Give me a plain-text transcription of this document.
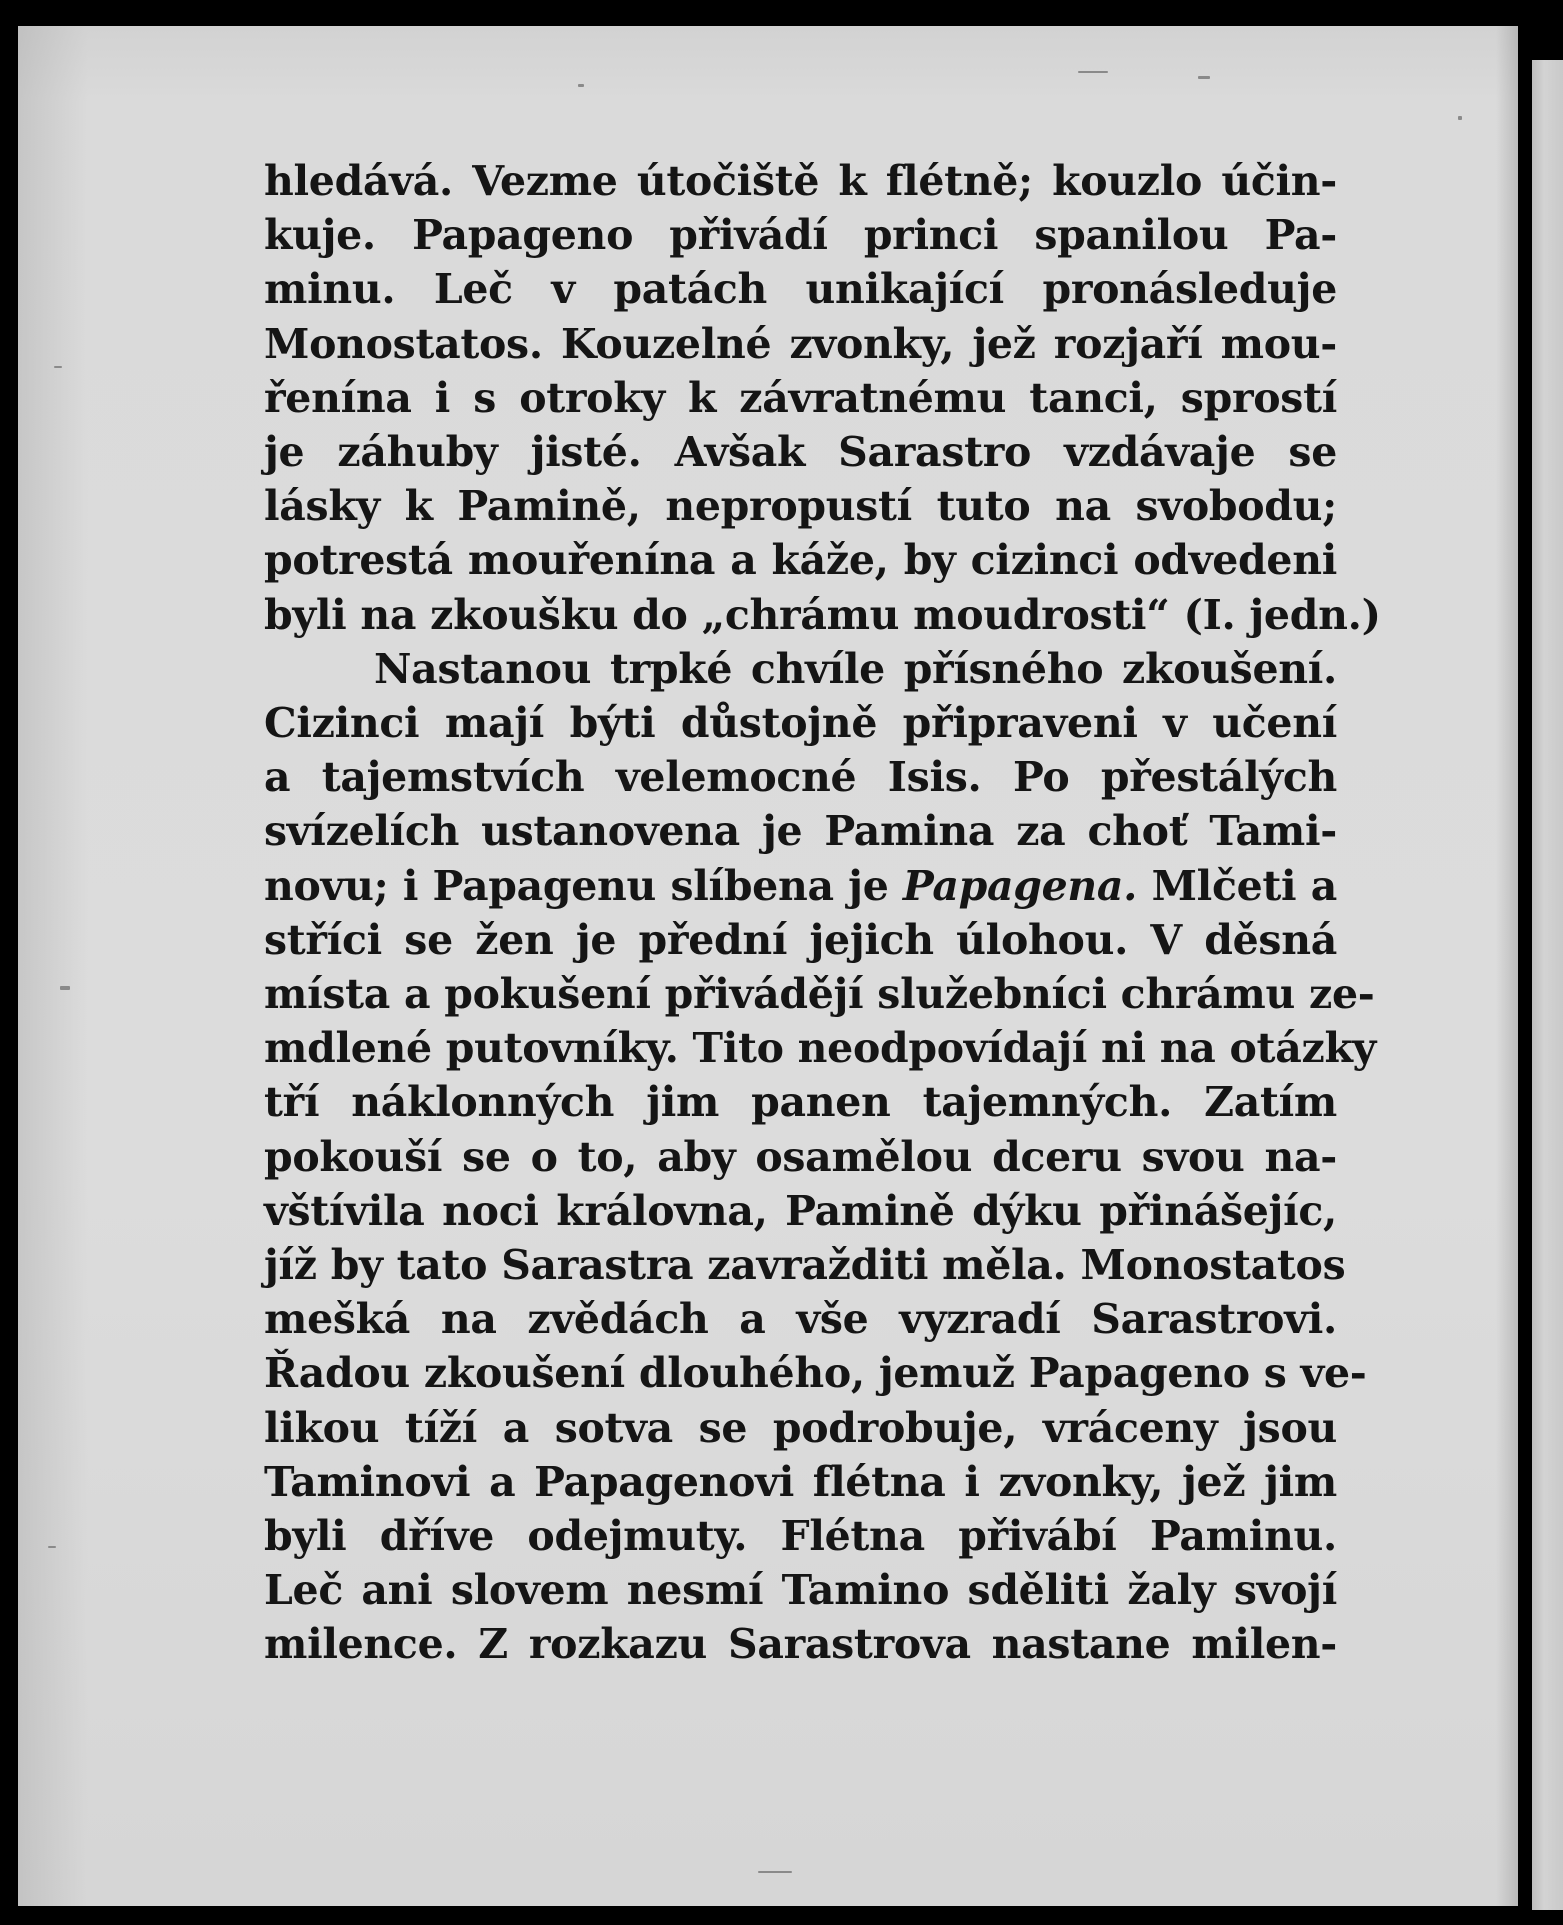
hledává. Vezme útočiště k flétně; kouzlo účin-
kuje. Papageno přivádí princi spanilou Pa-
minu. Leč v patách unikající pronásleduje
Monostatos. Kouzelné zvonky, jež rozjaří mou-
řenína i s otroky k závratnému tanci, sprostí
je záhuby jisté. Avšak Sarastro vzdávaje se
lásky k Pamině, nepropustí tuto na svobodu;
potrestá mouřenína a káže, by cizinci odvedeni
byli na zkoušku do „chrámu moudrosti“ (I. jedn.)
Nastanou trpké chvíle přísného zkoušení.
Cizinci mají býti důstojně připraveni v učení
a tajemstvích velemocné Isis. Po přestálých
svízelích ustanovena je Pamina za choť Tami-
novu; i Papagenu slíbena je Papagena. Mlčeti a
stříci se žen je přední jejich úlohou. V děsná
místa a pokušení přivádějí služebníci chrámu ze-
mdlené putovníky. Tito neodpovídají ni na otázky
tří náklonných jim panen tajemných. Zatím
pokouší se o to, aby osamělou dceru svou na-
vštívila noci královna, Pamině dýku přinášejíc,
jíž by tato Sarastra zavražditi měla. Monostatos
mešká na zvědách a vše vyzradí Sarastrovi.
Řadou zkoušení dlouhého, jemuž Papageno s ve-
likou tíží a sotva se podrobuje, vráceny jsou
Taminovi a Papagenovi flétna i zvonky, jež jim
byli dříve odejmuty. Flétna přivábí Paminu.
Leč ani slovem nesmí Tamino sděliti žaly svojí
milence. Z rozkazu Sarastrova nastane milen-
